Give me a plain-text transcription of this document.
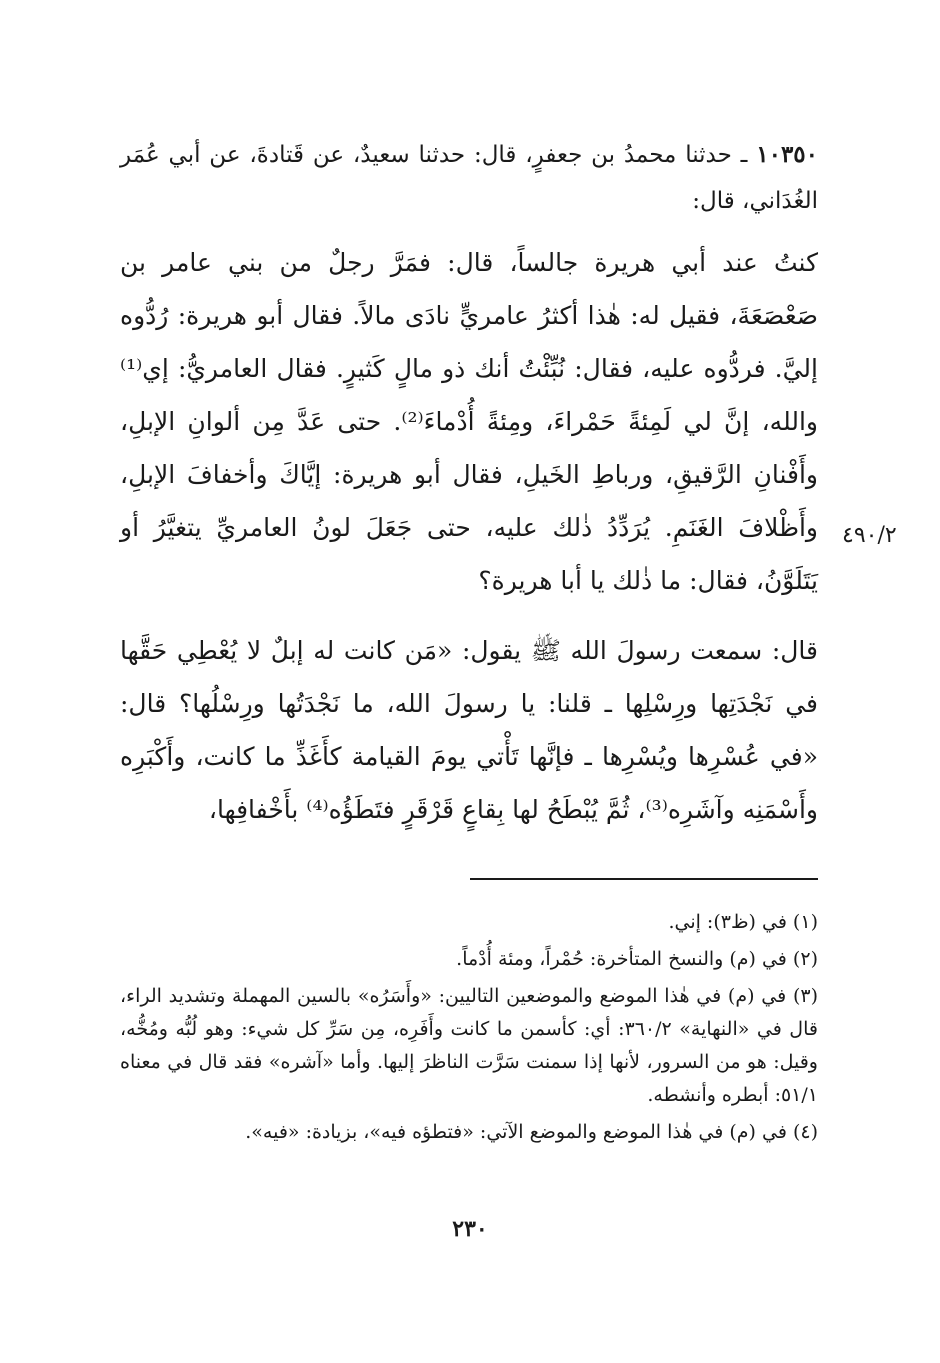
١٠٣٥٠ ـ حدثنا محمدُ بن جعفرٍ، قال: حدثنا سعيدٌ، عن قَتادةَ، عن أبي عُمَر الغُدَاني، قال:
كنتُ عند أبي هريرة جالساً، قال: فمَرَّ رجلٌ من بني عامر بن صَعْصَعَةَ، فقيل له: هٰذا أكثرُ عامريٍّ نادَى مالاً. فقال أبو هريرة: رُدُّوه إليَّ. فردُّوه عليه، فقال: نُبِّئْتُ أنك ذو مالٍ كَثيرٍ. فقال العامريُّ: إي⁽¹⁾ والله، إنَّ لي لَمِئةً حَمْراءَ، ومِئةً أُدْماءَ⁽²⁾. حتى عَدَّ مِن ألوانِ الإبلِ، وأَفْنانِ الرَّقيقِ، ورباطِ الخَيلِ، فقال أبو هريرة: إيَّاكَ وأخفافَ الإبلِ، وأَظْلافَ الغَنَمِ. يُرَدِّدُ ذٰلك عليه، حتى جَعَلَ لونُ العامريِّ يتغيَّرُ أو يَتَلَوَّنُ، فقال: ما ذٰلك يا أبا هريرة؟
٤٩٠/٢
قال: سمعت رسولَ الله ﷺ يقول: «مَن كانت له إبلٌ لا يُعْطِي حَقَّها في نَجْدَتِها ورِسْلِها ـ قلنا: يا رسولَ الله، ما نَجْدَتُها ورِسْلُها؟ قال: «في عُسْرِها ويُسْرِها ـ فإنَّها تَأْتي يومَ القيامة كأَغَذِّ ما كانت، وأَكْبَرِه وأَسْمَنِه وآشَرِه⁽³⁾، ثُمَّ يُبْطَحُ لها بِقاعٍ قَرْقَرٍ فتَطَؤُه⁽⁴⁾ بأَخْفافِها،

(١) في (ظ٣): إني.

(٢) في (م) والنسخ المتأخرة: حُمْراً، ومئة أُدْماً.

(٣) في (م) في هٰذا الموضع والموضعين التاليين: «وأَسَرُه» بالسين المهملة وتشديد الراء، قال في «النهاية» ٣٦٠/٢: أي: كأسمن ما كانت وأَفَرِه، مِن سَرِّ كل شيء: وهو لُبُّه ومُخُّه، وقيل: هو من السرور، لأنها إذا سمنت سَرَّت الناظرَ إليها. وأما «آشره» فقد قال في معناه ٥١/١: أبطره وأنشطه.

(٤) في (م) في هٰذا الموضع والموضع الآتي: «فتطؤه فيه»، بزيادة: «فيه».

٢٣٠
